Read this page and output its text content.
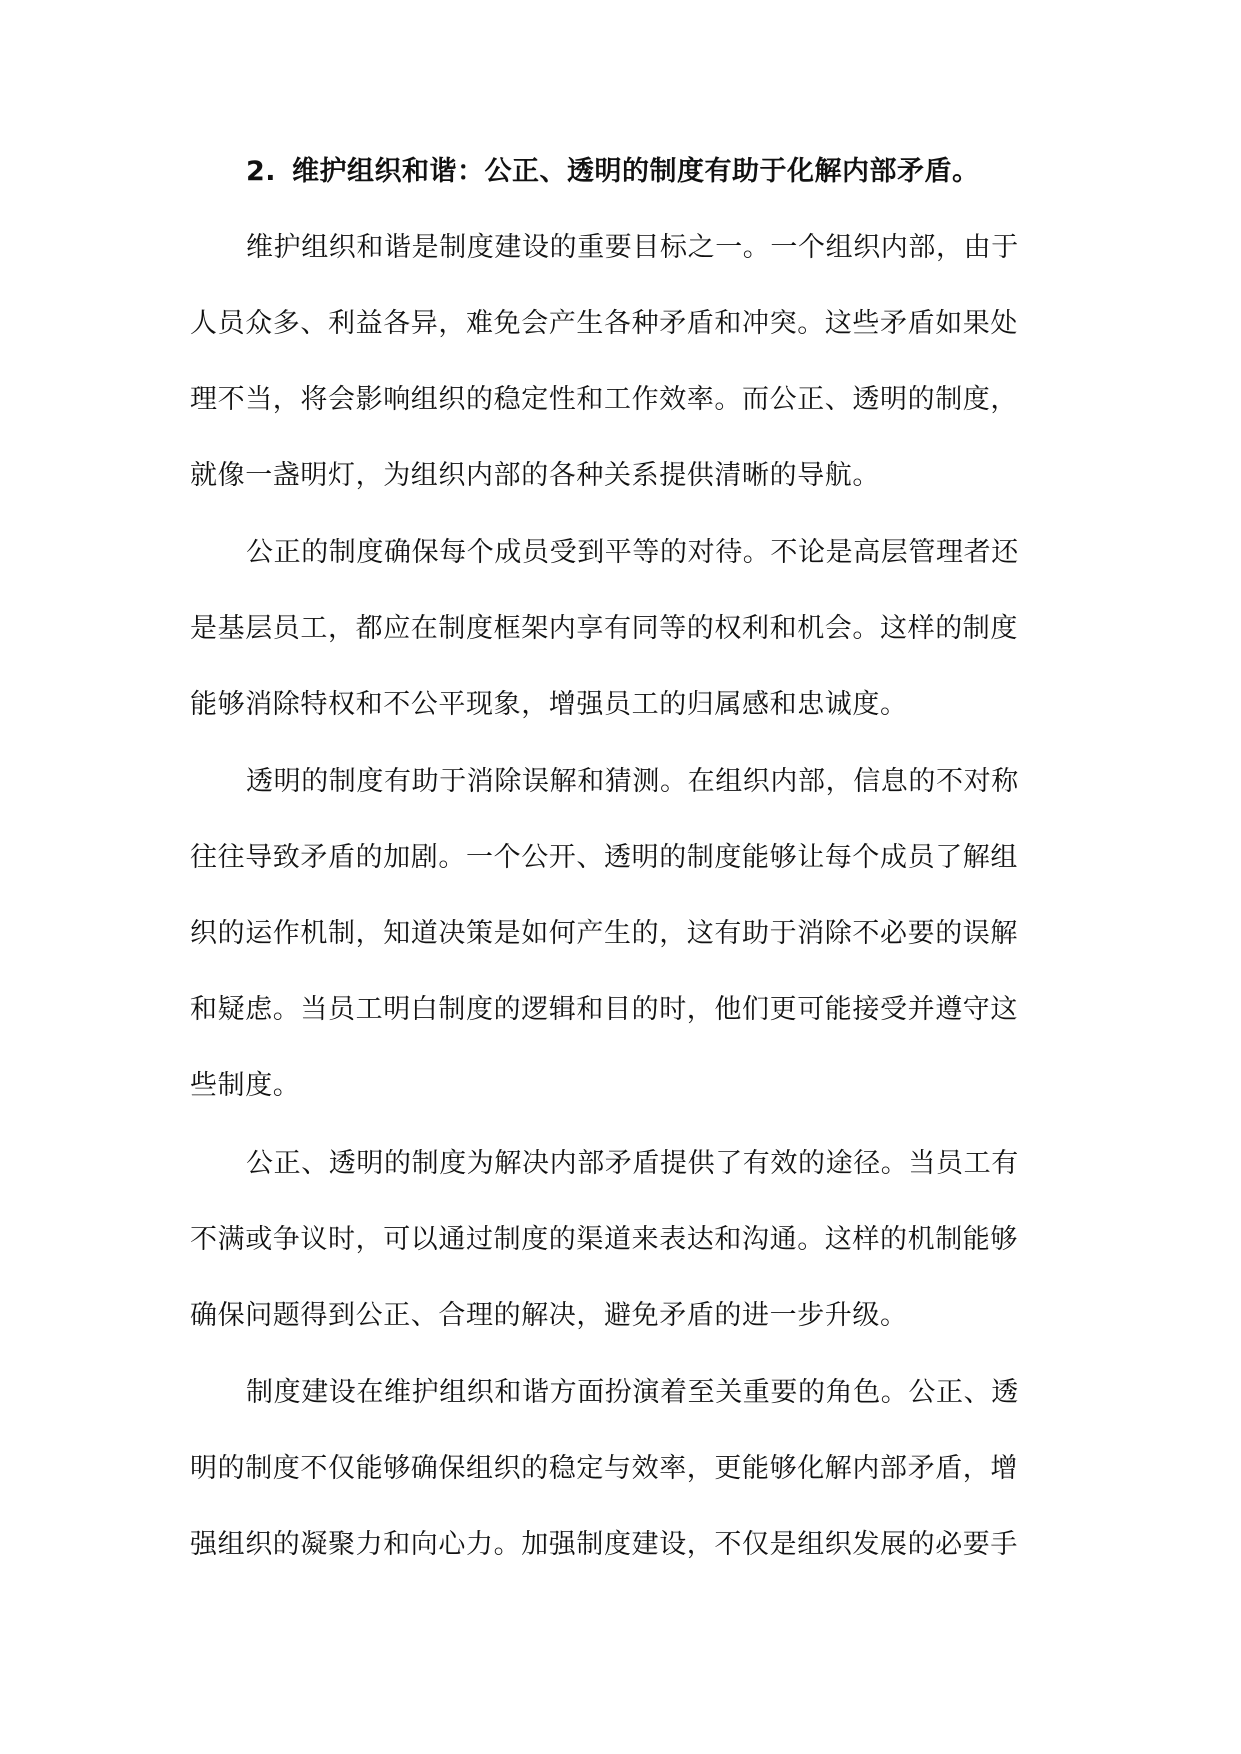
2. 维护组织和谐：公正、透明的制度有助于化解内部矛盾。
维护组织和谐是制度建设的重要目标之一。一个组织内部，由于
人员众多、利益各异，难免会产生各种矛盾和冲突。这些矛盾如果处
理不当，将会影响组织的稳定性和工作效率。而公正、透明的制度，
就像一盏明灯，为组织内部的各种关系提供清晰的导航。
公正的制度确保每个成员受到平等的对待。不论是高层管理者还
是基层员工，都应在制度框架内享有同等的权利和机会。这样的制度
能够消除特权和不公平现象，增强员工的归属感和忠诚度。
透明的制度有助于消除误解和猜测。在组织内部，信息的不对称
往往导致矛盾的加剧。一个公开、透明的制度能够让每个成员了解组
织的运作机制，知道决策是如何产生的，这有助于消除不必要的误解
和疑虑。当员工明白制度的逻辑和目的时，他们更可能接受并遵守这
些制度。
公正、透明的制度为解决内部矛盾提供了有效的途径。当员工有
不满或争议时，可以通过制度的渠道来表达和沟通。这样的机制能够
确保问题得到公正、合理的解决，避免矛盾的进一步升级。
制度建设在维护组织和谐方面扮演着至关重要的角色。公正、透
明的制度不仅能够确保组织的稳定与效率，更能够化解内部矛盾，增
强组织的凝聚力和向心力。加强制度建设，不仅是组织发展的必要手
